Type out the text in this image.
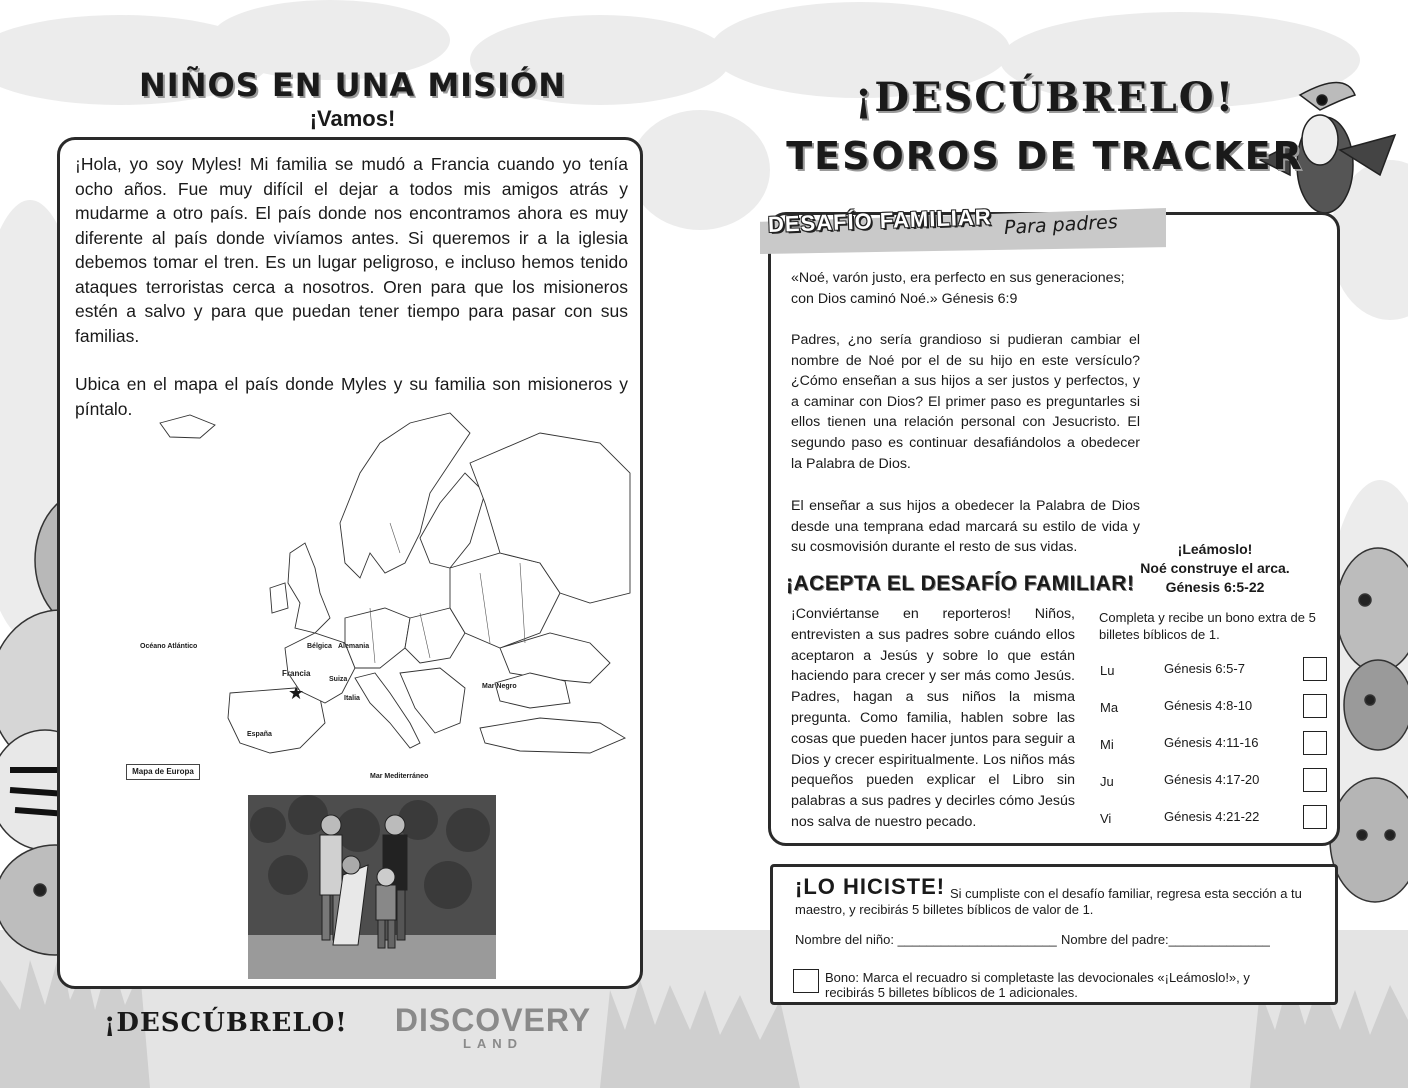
NIÑOS EN UNA MISIÓN
¡Vamos!

¡Hola, yo soy Myles! Mi familia se mudó a Francia cuando yo tenía ocho años. Fue muy difícil el dejar a todos mis amigos atrás y mudarme a otro país. El país donde nos encontramos ahora es muy diferente al país donde vivíamos antes. Si queremos ir a la iglesia debemos tomar el tren. Es un lugar peligroso, e incluso hemos tenido ataques terroristas cerca a nosotros. Oren para que los misioneros estén a salvo y para que puedan tener tiempo para pasar con sus familias.

Ubica en el mapa el país donde Myles y su familia son misioneros y píntalo.

Océano Atlántico
Francia
★
Bélgica Alemania
Suiza
Italia
España
Mar Negro
Mar Mediterráneo
Mapa de Europa
¡DESCÚBRELO! DISCOVERY
LAND
¡DESCÚBRELO!
TESOROS DE TRACKER
DESAFÍO FAMILIAR Para padres
«Noé, varón justo, era perfecto en sus generaciones; con Dios caminó Noé.» Génesis 6:9
Padres, ¿no sería grandioso si pudieran cambiar el nombre de Noé por el de su hijo en este versículo? ¿Cómo enseñan a sus hijos a ser justos y perfectos, y a caminar con Dios? El primer paso es preguntarles si ellos tienen una relación personal con Jesucristo. El segundo paso es continuar desafiándolos a obedecer la Palabra de Dios.
El enseñar a sus hijos a obedecer la Palabra de Dios desde una temprana edad marcará su estilo de vida y su cosmovisión durante el resto de sus vidas.	¡Leámoslo!
Noé construye el arca.
Génesis 6:5-22
¡ACEPTA EL DESAFÍO FAMILIAR!
¡Conviértanse en reporteros! Niños, entrevisten a sus padres sobre cuándo ellos aceptaron a Jesús y sobre lo que están haciendo para crecer y ser más como Jesús. Padres, hagan a sus niños la misma pregunta. Como familia, hablen sobre las cosas que pueden hacer juntos para seguir a Dios y crecer espiritualmente. Los niños más pequeños pueden explicar el Libro sin palabras a sus padres y decirles cómo Jesús nos salva de nuestro pecado.
Completa y recibe un bono extra de 5 billetes bíblicos de 1.
Lu	Génesis 6:5-7
Ma	Génesis 4:8-10
Mi	Génesis 4:11-16
Ju	Génesis 4:17-20
Vi	Génesis 4:21-22
¡LO HICISTE! Si cumpliste con el desafío familiar, regresa esta sección a tu
maestro, y recibirás 5 billetes bíblicos de valor de 1.
Nombre del niño: ______________________ Nombre del padre:______________
Bono: Marca el recuadro si completaste las devocionales «¡Leámoslo!», y
recibirás 5 billetes bíblicos de 1 adicionales.
